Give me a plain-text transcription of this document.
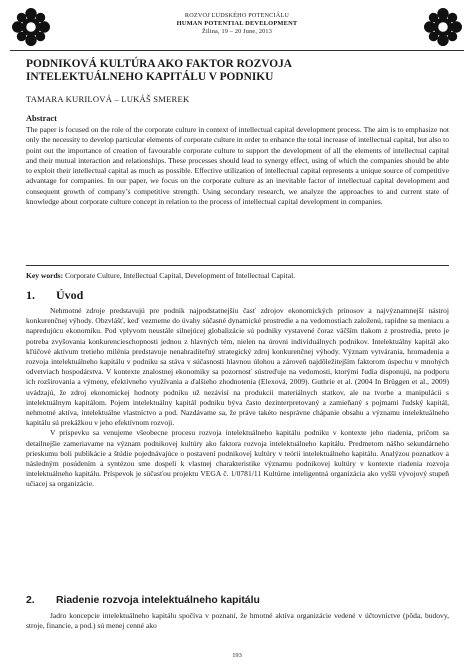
ROZVOJ ĽUDSKÉHO POTENCIÁLU
HUMAN POTENTIAL DEVELOPMENT
Žilina, 19 – 20 June, 2013
PODNIKOVÁ KULTÚRA AKO FAKTOR ROZVOJA
INTELEKTUÁLNEHO KAPITÁLU V PODNIKU
TAMARA KURILOVÁ – LUKÁŠ SMEREK
Abstract
The paper is focused on the role of the corporate culture in context of intellectual capital development process. The aim is to emphasize not only the necessity to develop particular elements of corporate culture in order to enhance the total increase of intellectual capital, but also to point out the importance of creation of favourable corporate culture to support the development of all the elements of intellectual capital and their mutual interaction and relationships. These processes should lead to synergy effect, using of which the companies should be able to exploit their intellectual capital as much as possible. Effective utilization of intellectual capital represents a unique source of competitive advantage for companies. In our paper, we focus on the corporate culture as an inevitable factor of intellectual capital development and consequent growth of company’s competitive strength. Using secondary research, we analyze the approaches to and current state of knowledge about corporate culture concept in relation to the process of intellectual capital development in companies.
Key words: Corporate Culture, Intellectual Capital, Development of Intellectual Capital.
1. Úvod

Nehmotné zdroje predstavujú pre podnik najpodstatnejšiu časť zdrojov ekonomických prínosov a najvýznamnejší nástroj konkurenčnej výhody. Obzvlášť, keď vezmeme do úvahy súčasné dynamické prostredie a na vedomostiach založenú, rapídne sa meniacu a napredujúcu ekonomiku. Pod vplyvom neustále silnejúcej globalizácie sú podniky vystavené čoraz väčším tlakom z prostredia, preto je potreba zvyšovania konkurencieschopnosti jednou z hlavných tém, nielen na úrovni individuálnych podnikov. Intelektuálny kapitál ako kľúčové aktívum tretieho milénia predstavuje nenahraditeľný strategický zdroj konkurenčnej výhody. Význam vytvárania, hromadenia a rozvoja intelektuálneho kapitálu v podniku sa stáva v súčasnosti hlavnou úlohou a zároveň najdôležitejším faktorom úspechu v mnohých odvetviach hospodárstva. V kontexte znalostnej ekonomiky sa pozornosť sústreďuje na vedomosti, ktorými ľudia disponujú, na podporu ich rozširovania a výmeny, efektívneho využívania a ďalšieho zhodnotenia (Elexová, 2009). Guthrie et al. (2004 In Brüggen et al., 2009) uvádzajú, že zdroj ekonomickej hodnoty podniku už nezávisí na produkcii materiálnych statkov, ale na tvorbe a manipulácii s intelektuálnym kapitálom. Pojem intelektuálny kapitál podniku býva často dezinterpretovaný a zamieňaný s pojmami ľudský kapitál, nehmotné aktíva, intelektuálne vlastníctvo a pod. Nazdávame sa, že práve takéto nesprávne chápanie obsahu a významu intelektuálneho kapitálu sú prekážkou v jeho efektívnom rozvoji.

V príspevku sa venujeme všeobecne procesu rozvoja intelektuálneho kapitálu podniku v kontexte jeho riadenia, pričom sa detailnejšie zameriavame na význam podnikovej kultúry ako faktora rozvoja intelektuálneho kapitálu. Predmetom nášho sekundárneho prieskumu boli publikácie a štúdie pojednávajúce o postavení podnikovej kultúry v teórii intelektuálneho kapitálu. Analýzou poznatkov a následným posúdením a syntézou sme dospeli k vlastnej charakteristike významu podnikovej kultúry v kontexte riadenia rozvoja intelektuálneho kapitálu. Príspevok je súčasťou projektu VEGA č. 1/0781/11 Kultúrne inteligentná organizácia ako vyšší vývojový stupeň učiacej sa organizácie.

2. Riadenie rozvoja intelektuálneho kapitálu

Jadro koncepcie intelektuálneho kapitálu spočíva v poznaní, že hmotné aktíva organizácie vedené v účtovníctve (pôda, budovy, stroje, financie, a pod.) sú menej cenné ako

193
